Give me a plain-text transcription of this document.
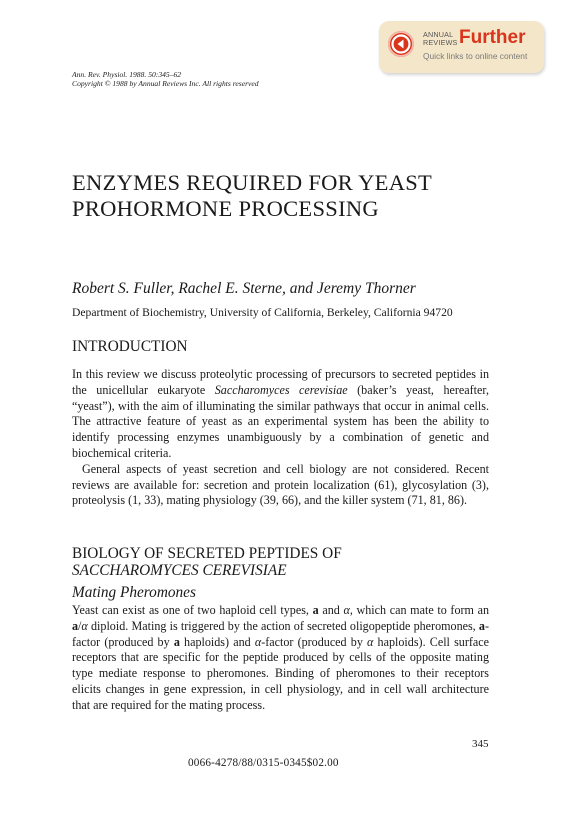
ANNUAL REVIEWS Further
Quick links to online content
Ann. Rev. Physiol. 1988. 50:345–62
Copyright © 1988 by Annual Reviews Inc. All rights reserved
ENZYMES REQUIRED FOR YEAST PROHORMONE PROCESSING
Robert S. Fuller, Rachel E. Sterne, and Jeremy Thorner
Department of Biochemistry, University of California, Berkeley, California 94720
INTRODUCTION

In this review we discuss proteolytic processing of precursors to secreted peptides in the unicellular eukaryote Saccharomyces cerevisiae (baker’s yeast, hereafter, “yeast”), with the aim of illuminating the similar pathways that occur in animal cells. The attractive feature of yeast as an experimental system has been the ability to identify processing enzymes unambiguously by a combination of genetic and biochemical criteria.

General aspects of yeast secretion and cell biology are not considered. Recent reviews are available for: secretion and protein localization (61), glycosylation (3), proteolysis (1, 33), mating physiology (39, 66), and the killer system (71, 81, 86).

BIOLOGY OF SECRETED PEPTIDES OF
SACCHAROMYCES CEREVISIAE
Mating Pheromones

Yeast can exist as one of two haploid cell types, a and α, which can mate to form an a/α diploid. Mating is triggered by the action of secreted oligopeptide pheromones, a-factor (produced by a haploids) and α-factor (produced by α haploids). Cell surface receptors that are specific for the peptide produced by cells of the opposite mating type mediate response to pheromones. Binding of pheromones to their receptors elicits changes in gene expression, in cell physiology, and in cell wall architecture that are required for the mating process.

345
0066-4278/88/0315-0345$02.00
